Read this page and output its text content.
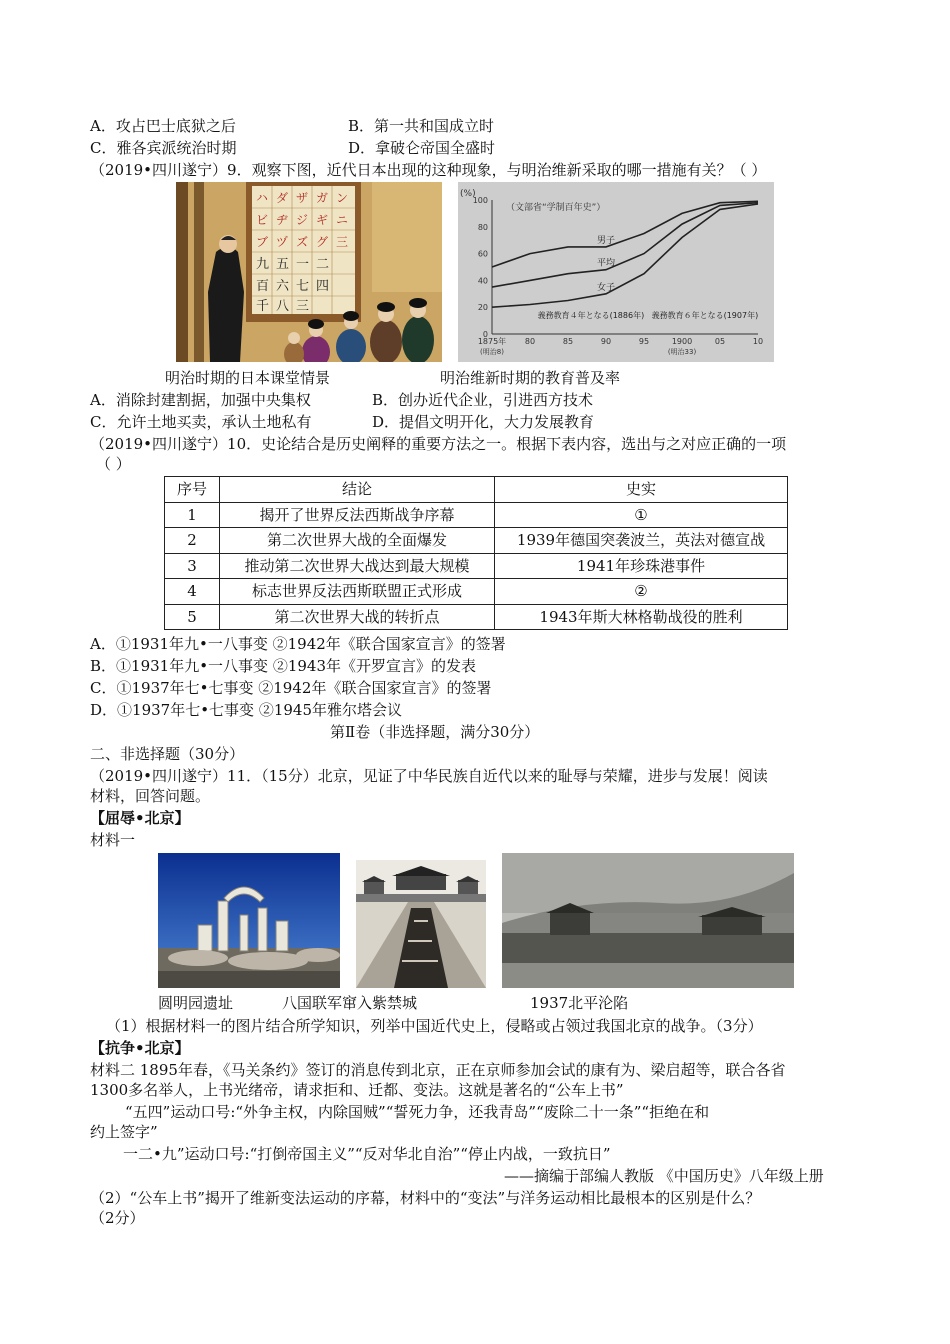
A．攻占巴士底狱之后	B．第一共和国成立时
C．雅各宾派统治时期	D．拿破仑帝国全盛时
（2019•四川遂宁）9．观察下图，近代日本出现的这种现象，与明治维新采取的哪一措施有关？（ ）
ハ ダ ザ ガ ン
ビ ヂ ジ ギ ニ
ブ ヅ ズ グ 三
九 五 一 二
百 六 七 四
千 八 三
(%)
（文部省“学制百年史”）
0
20
40
60
80
100
1875年 80	85	90	95	1900	05	10
(明治8)	(明治33)
男子
平均
女子
義務教育４年となる(1886年) 義務教育６年となる(1907年)
明治时期的日本课堂情景	明治维新时期的教育普及率
A．消除封建割据，加强中央集权	B．创办近代企业，引进西方技术
C．允许土地买卖，承认土地私有	D．提倡文明开化，大力发展教育
（2019•四川遂宁）10．史论结合是历史阐释的重要方法之一。根据下表内容，选出与之对应正确的一项
（ ）
序号	结论	史实
1	揭开了世界反法西斯战争序幕	①
2	第二次世界大战的全面爆发	1939年德国突袭波兰，英法对德宣战
3	推动第二次世界大战达到最大规模	1941年珍珠港事件
4	标志世界反法西斯联盟正式形成	②
5	第二次世界大战的转折点	1943年斯大林格勒战役的胜利
A．①1931年九•一八事变 ②1942年《联合国家宣言》的签署
B．①1931年九•一八事变 ②1943年《开罗宣言》的发表
C．①1937年七•七事变 ②1942年《联合国家宣言》的签署
D．①1937年七•七事变 ②1945年雅尔塔会议
第Ⅱ卷（非选择题，满分30分）
二、非选择题（30分）
（2019•四川遂宁）11．（15分）北京，见证了中华民族自近代以来的耻辱与荣耀，进步与发展！阅读
材料，回答问题。
【屈辱•北京】
材料一
圆明园遗址	八国联军窜入紫禁城	1937北平沦陷
（1）根据材料一的图片结合所学知识，列举中国近代史上，侵略或占领过我国北京的战争。（3分）
【抗争•北京】
材料二 1895年春，《马关条约》签订的消息传到北京，正在京师参加会试的康有为、梁启超等，联合各省
1300多名举人，上书光绪帝，请求拒和、迁都、变法。这就是著名的“公车上书”
“五四”运动口号:“外争主权，内除国贼”“誓死力争，还我青岛”“废除二十一条”“拒绝在和
约上签字”
一二•九”运动口号:“打倒帝国主义”“反对华北自治”“停止内战，一致抗日”
——摘编于部编人教版 《中国历史》八年级上册
（2）“公车上书”揭开了维新变法运动的序幕，材料中的“变法”与洋务运动相比最根本的区别是什么？
（2分）
